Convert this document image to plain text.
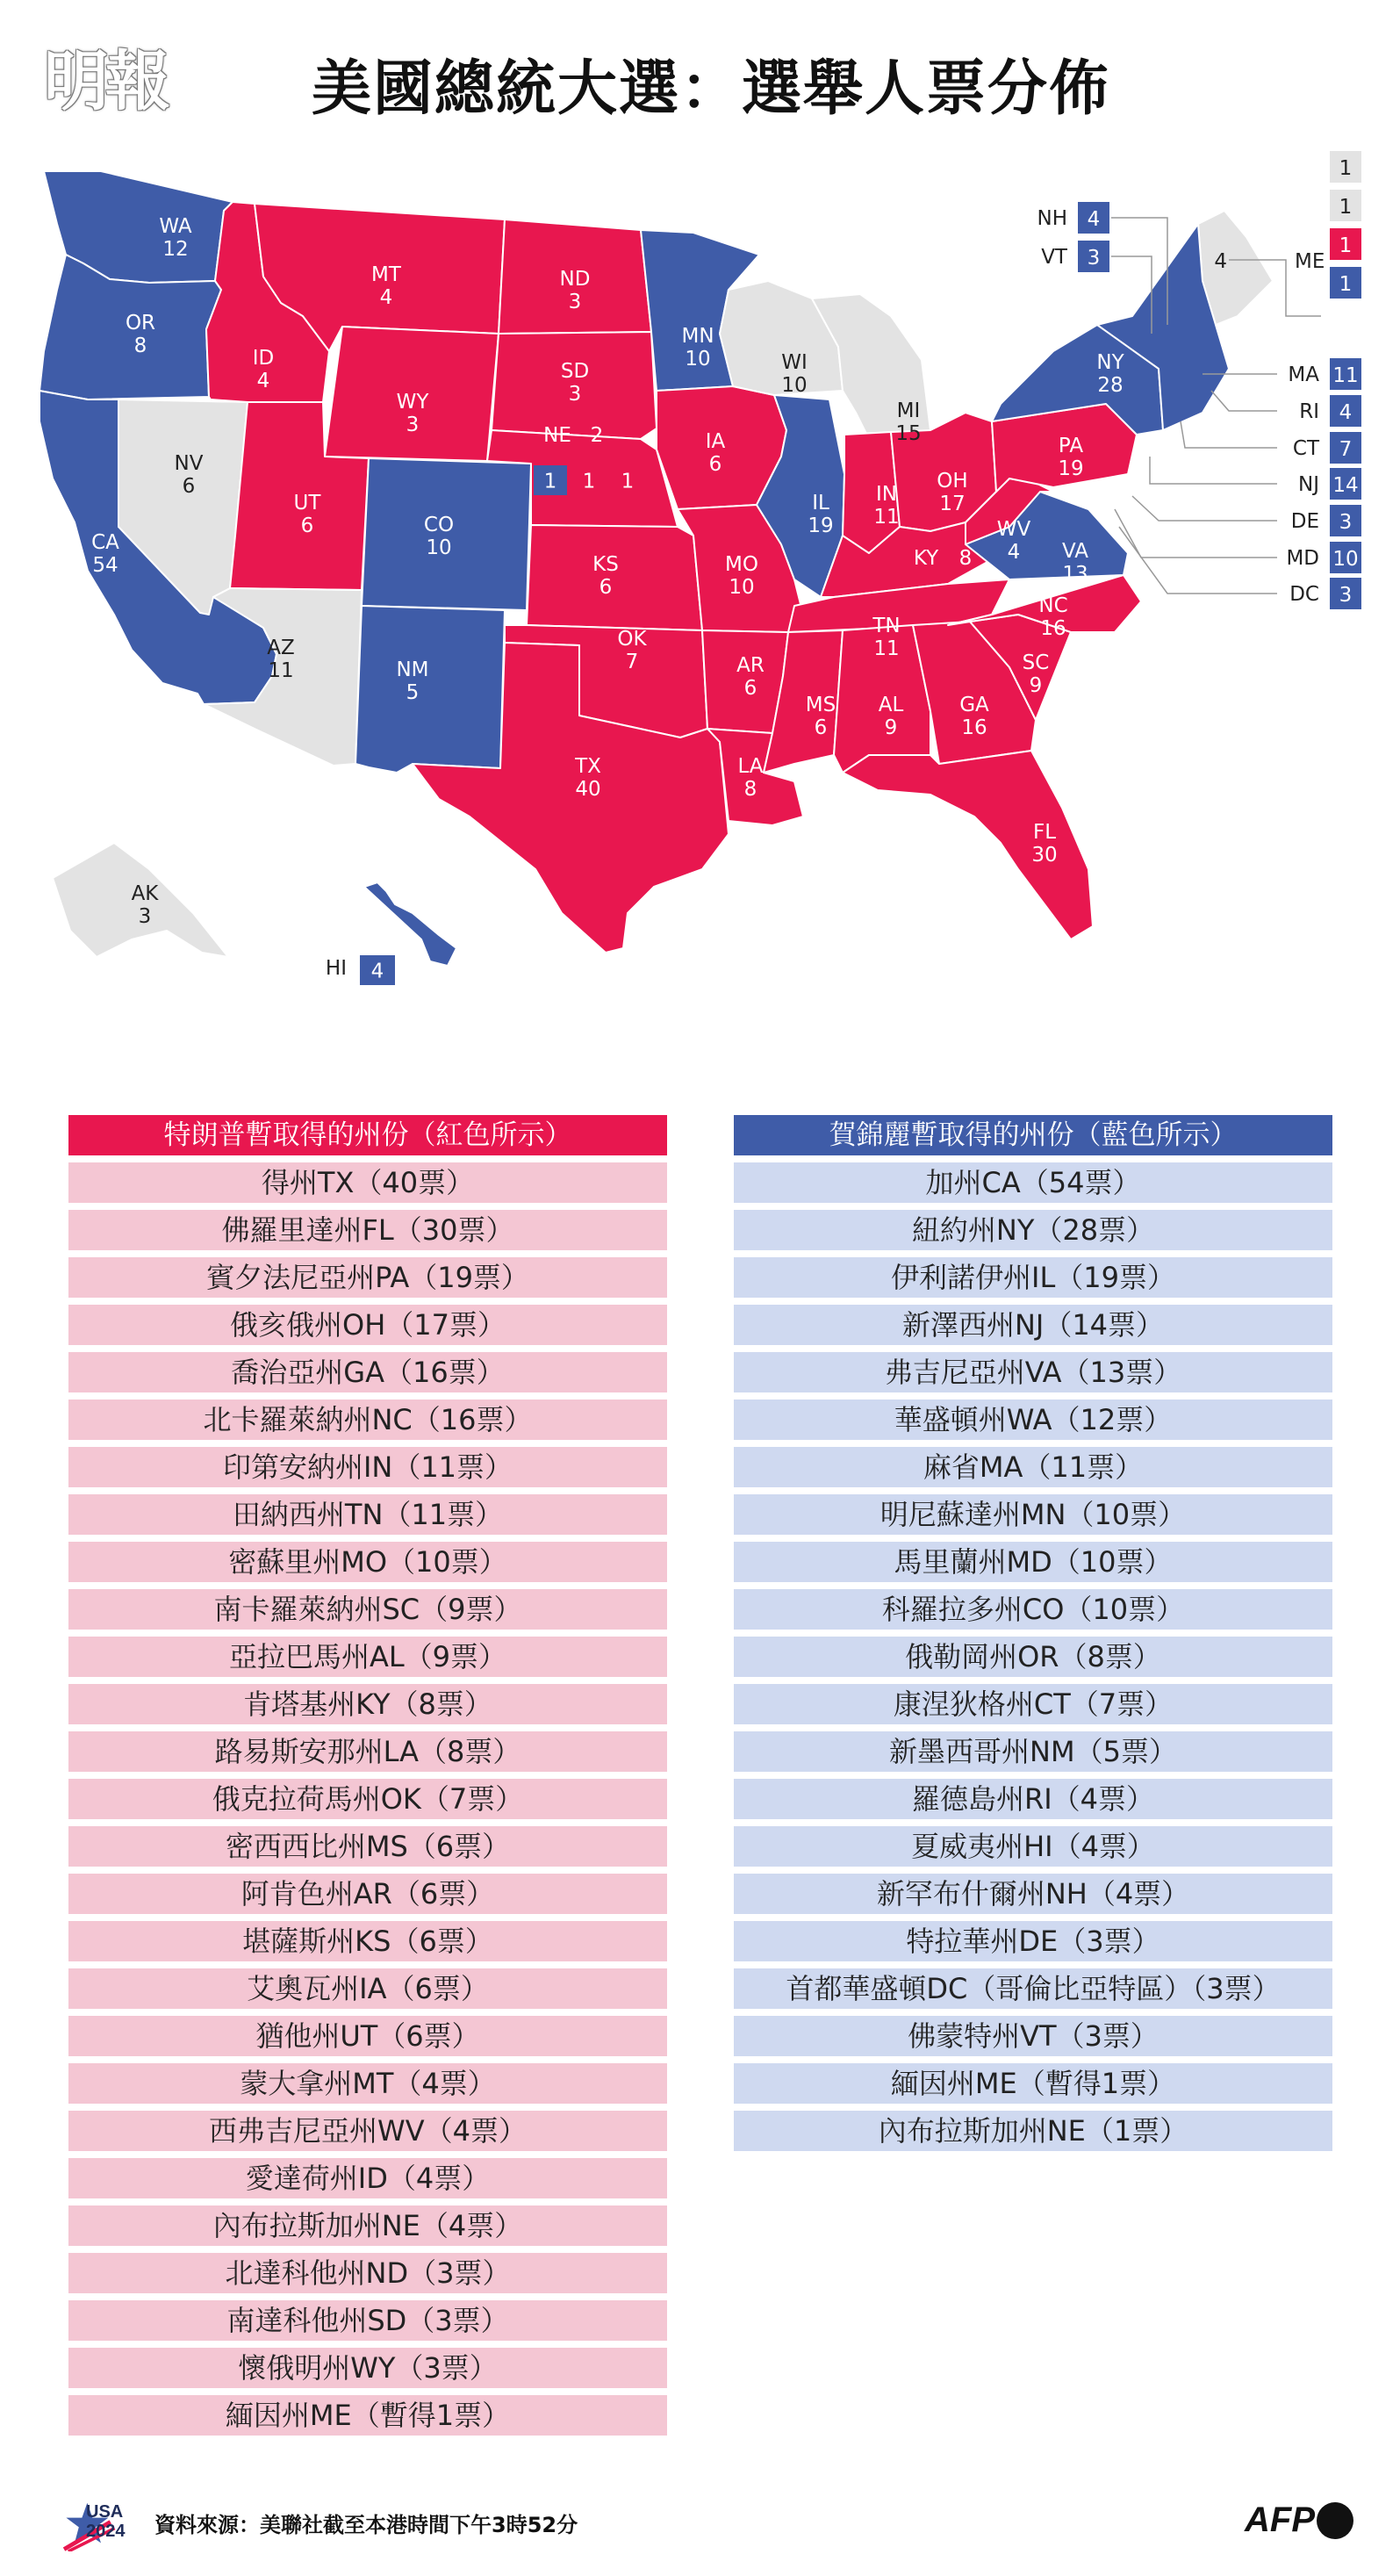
明報	美國總統大選：選舉人票分佈
WA
12
OR
8
CA
54
NV
6
ID
4
MT
4
WY
3
UT
6
AZ
11
CO
10
NM
5
ND
3
SD
3
KS
6
OK
7
TX
40
MN
10
IA
6
MO
10
AR
6
LA
8
WI
10
IL
19
MI
15
IN
11
OH
17
PA
19
WV
4 VA
13
NC
16
SC
9
TN
11
MS
6
AL
9
GA
16
FL
30
NY
28
AK
3
NE 2
KY 8
1 1 1
1
1
1
1
NH 4
VT 3
MA 11
RI 4
CT 7
NJ 14
DE 3
MD 10
DC 3
4	ME
HI 4
特朗普暫取得的州份（紅色所示）
得州TX（40票）
佛羅里達州FL（30票）
賓夕法尼亞州PA（19票）
俄亥俄州OH（17票）
喬治亞州GA（16票）
北卡羅萊納州NC（16票）
印第安納州IN（11票）
田納西州TN（11票）
密蘇里州MO（10票）
南卡羅萊納州SC（9票）
亞拉巴馬州AL（9票）
肯塔基州KY（8票）
路易斯安那州LA（8票）
俄克拉荷馬州OK（7票）
密西西比州MS（6票）
阿肯色州AR（6票）
堪薩斯州KS（6票）
艾奧瓦州IA（6票）
猶他州UT（6票）
蒙大拿州MT（4票）
西弗吉尼亞州WV（4票）
愛達荷州ID（4票）
內布拉斯加州NE（4票）
北達科他州ND（3票）
南達科他州SD（3票）
懷俄明州WY（3票）
緬因州ME（暫得1票）
賀錦麗暫取得的州份（藍色所示）
加州CA（54票）
紐約州NY（28票）
伊利諾伊州IL（19票）
新澤西州NJ（14票）
弗吉尼亞州VA（13票）
華盛頓州WA（12票）
麻省MA（11票）
明尼蘇達州MN（10票）
馬里蘭州MD（10票）
科羅拉多州CO（10票）
俄勒岡州OR（8票）
康涅狄格州CT（7票）
新墨西哥州NM（5票）
羅德島州RI（4票）
夏威夷州HI（4票）
新罕布什爾州NH（4票）
特拉華州DE（3票）
首都華盛頓DC（哥倫比亞特區）（3票）
佛蒙特州VT（3票）
緬因州ME（暫得1票）
內布拉斯加州NE（1票）
USA
2024 資料來源：美聯社截至本港時間下午3時52分	AFP
